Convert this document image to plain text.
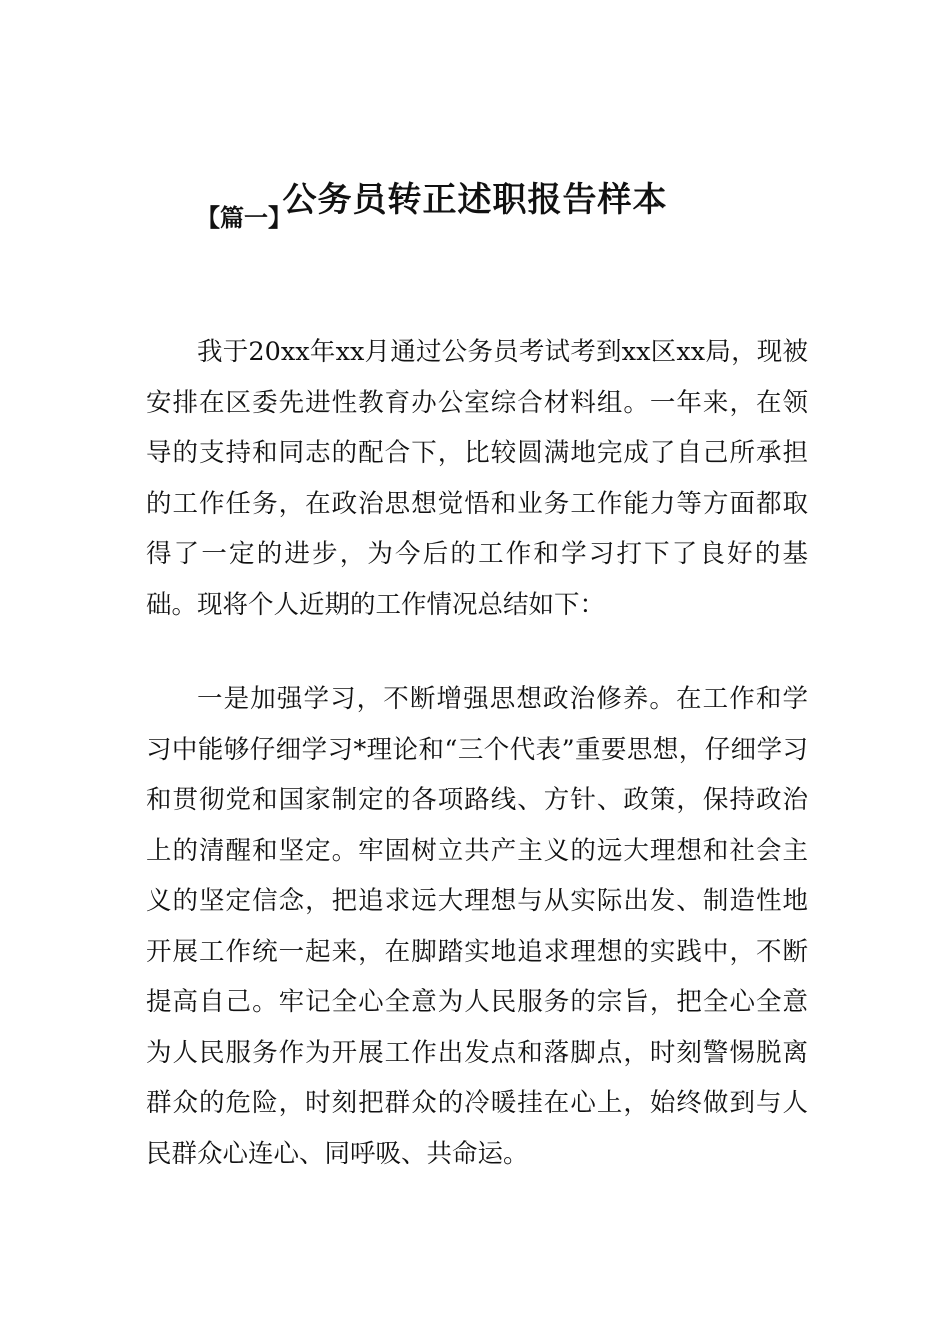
公务员转正述职报告样本
【篇一】

我于20xx年xx月通过公务员考试考到xx区xx局，现被安排在区委先进性教育办公室综合材料组。一年来，在领导的支持和同志的配合下，比较圆满地完成了自己所承担的工作任务，在政治思想觉悟和业务工作能力等方面都取得了一定的进步，为今后的工作和学习打下了良好的基础。现将个人近期的工作情况总结如下：

一是加强学习，不断增强思想政治修养。在工作和学习中能够仔细学习*理论和“三个代表”重要思想，仔细学习和贯彻党和国家制定的各项路线、方针、政策，保持政治上的清醒和坚定。牢固树立共产主义的远大理想和社会主义的坚定信念，把追求远大理想与从实际出发、制造性地开展工作统一起来，在脚踏实地追求理想的实践中，不断提高自己。牢记全心全意为人民服务的宗旨，把全心全意为人民服务作为开展工作出发点和落脚点，时刻警惕脱离群众的危险，时刻把群众的冷暖挂在心上，始终做到与人民群众心连心、同呼吸、共命运。
